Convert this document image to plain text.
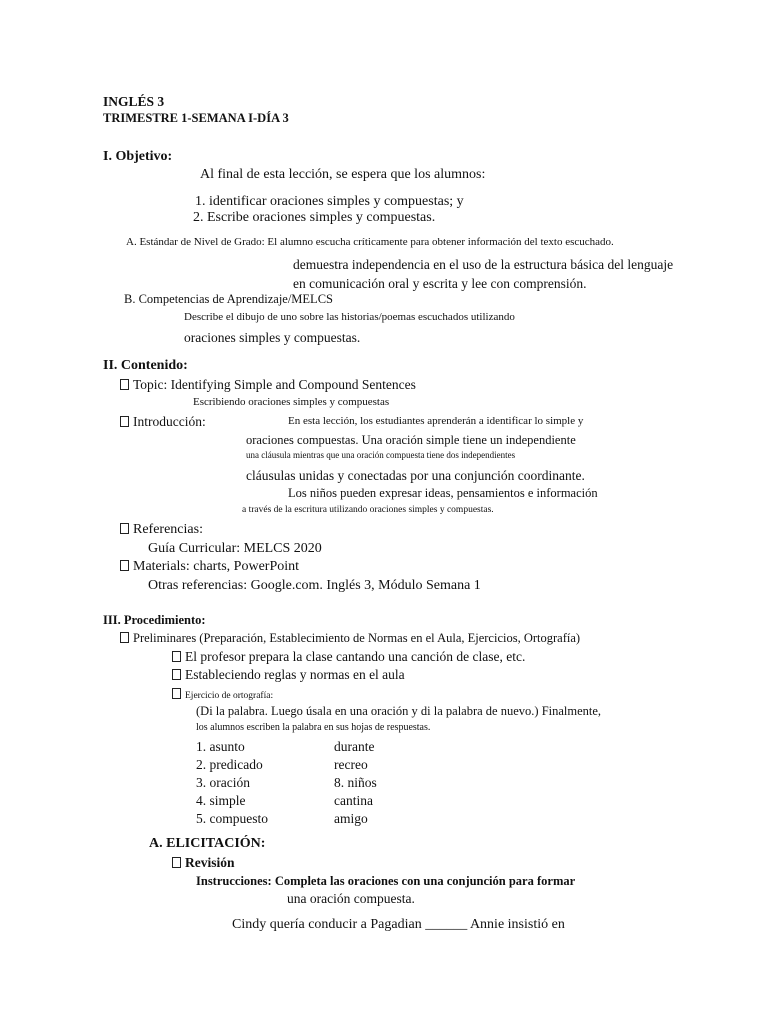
INGLÉS 3
TRIMESTRE 1-SEMANA I-DÍA 3
I. Objetivo:
Al final de esta lección, se espera que los alumnos:
1. identificar oraciones simples y compuestas; y
2. Escribe oraciones simples y compuestas.
A. Estándar de Nivel de Grado: El alumno escucha críticamente para obtener información del texto escuchado.
demuestra independencia en el uso de la estructura básica del lenguaje
en comunicación oral y escrita y lee con comprensión.
B. Competencias de Aprendizaje/MELCS
Describe el dibujo de uno sobre las historias/poemas escuchados utilizando
oraciones simples y compuestas.
II. Contenido:
Topic: Identifying Simple and Compound Sentences
Escribiendo oraciones simples y compuestas
Introducción:	En esta lección, los estudiantes aprenderán a identificar lo simple y
oraciones compuestas. Una oración simple tiene un independiente
una cláusula mientras que una oración compuesta tiene dos independientes
cláusulas unidas y conectadas por una conjunción coordinante.
Los niños pueden expresar ideas, pensamientos e información
a través de la escritura utilizando oraciones simples y compuestas.
Referencias:
Guía Curricular: MELCS 2020
Materials: charts, PowerPoint
Otras referencias: Google.com. Inglés 3, Módulo Semana 1
III. Procedimiento:
Preliminares (Preparación, Establecimiento de Normas en el Aula, Ejercicios, Ortografía)
El profesor prepara la clase cantando una canción de clase, etc.
Estableciendo reglas y normas en el aula
Ejercicio de ortografía:
(Di la palabra. Luego úsala en una oración y di la palabra de nuevo.) Finalmente,
los alumnos escriben la palabra en sus hojas de respuestas.
1. asunto
2. predicado
3. oración
4. simple
5. compuesto
durante
recreo
8. niños
cantina
amigo
A. ELICITACIÓN:
Revisión
Instrucciones: Completa las oraciones con una conjunción para formar
una oración compuesta.
Cindy quería conducir a Pagadian ______ Annie insistió en
